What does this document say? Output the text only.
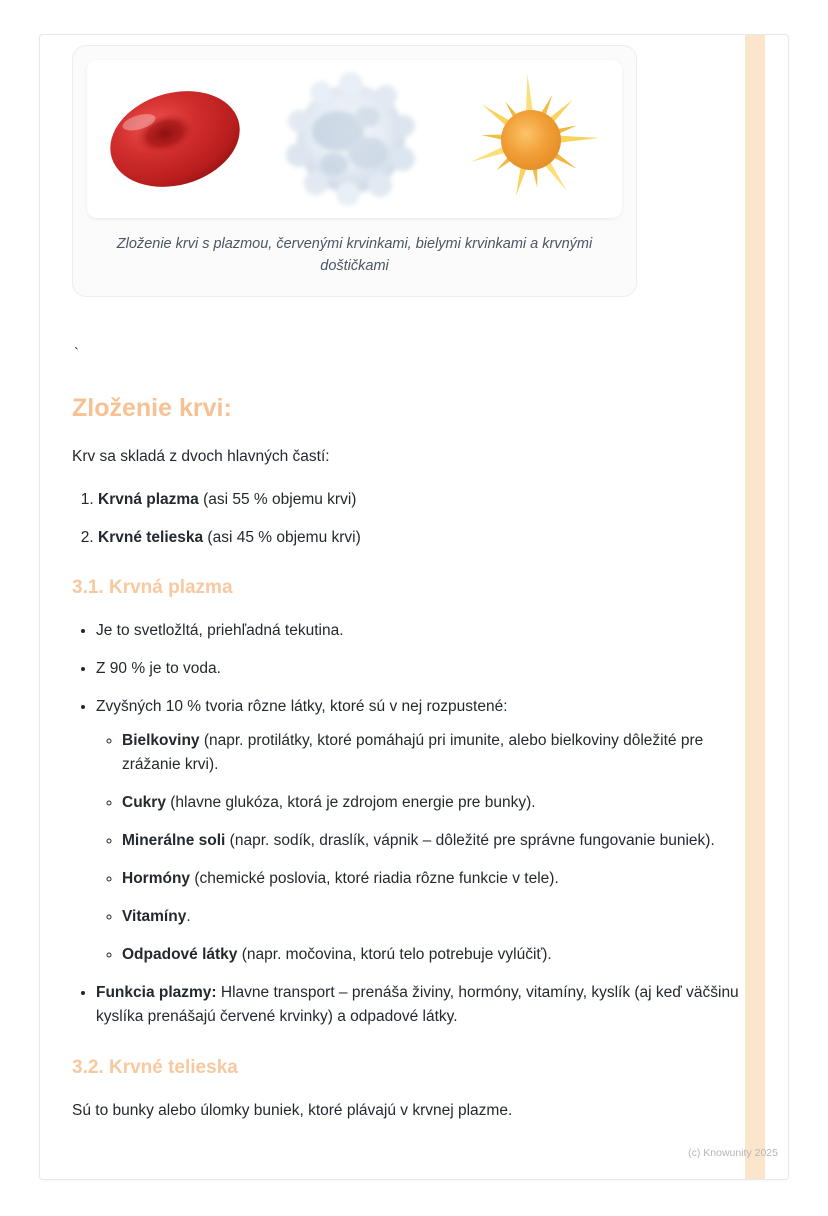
Zloženie krvi s plazmou, červenými krvinkami, bielymi krvinkami a krvnými doštičkami

`

Zloženie krvi:

Krv sa skladá z dvoch hlavných častí:

1. Krvná plazma (asi 55 % objemu krvi)
2. Krvné telieska (asi 45 % objemu krvi)
3.1. Krvná plazma
• Je to svetložltá, priehľadná tekutina.
• Z 90 % je to voda.
• Zvyšných 10 % tvoria rôzne látky, ktoré sú v nej rozpustené:
◦ Bielkoviny (napr. protilátky, ktoré pomáhajú pri imunite, alebo bielkoviny dôležité pre zrážanie krvi).
◦ Cukry (hlavne glukóza, ktorá je zdrojom energie pre bunky).
◦ Minerálne soli (napr. sodík, draslík, vápnik – dôležité pre správne fungovanie buniek).
◦ Hormóny (chemické poslovia, ktoré riadia rôzne funkcie v tele).
◦ Vitamíny.
◦ Odpadové látky (napr. močovina, ktorú telo potrebuje vylúčiť).
• Funkcia plazmy: Hlavne transport – prenáša živiny, hormóny, vitamíny, kyslík (aj keď väčšinu kyslíka prenášajú červené krvinky) a odpadové látky.
3.2. Krvné telieska

Sú to bunky alebo úlomky buniek, ktoré plávajú v krvnej plazme.

(c) Knowunity 2025
